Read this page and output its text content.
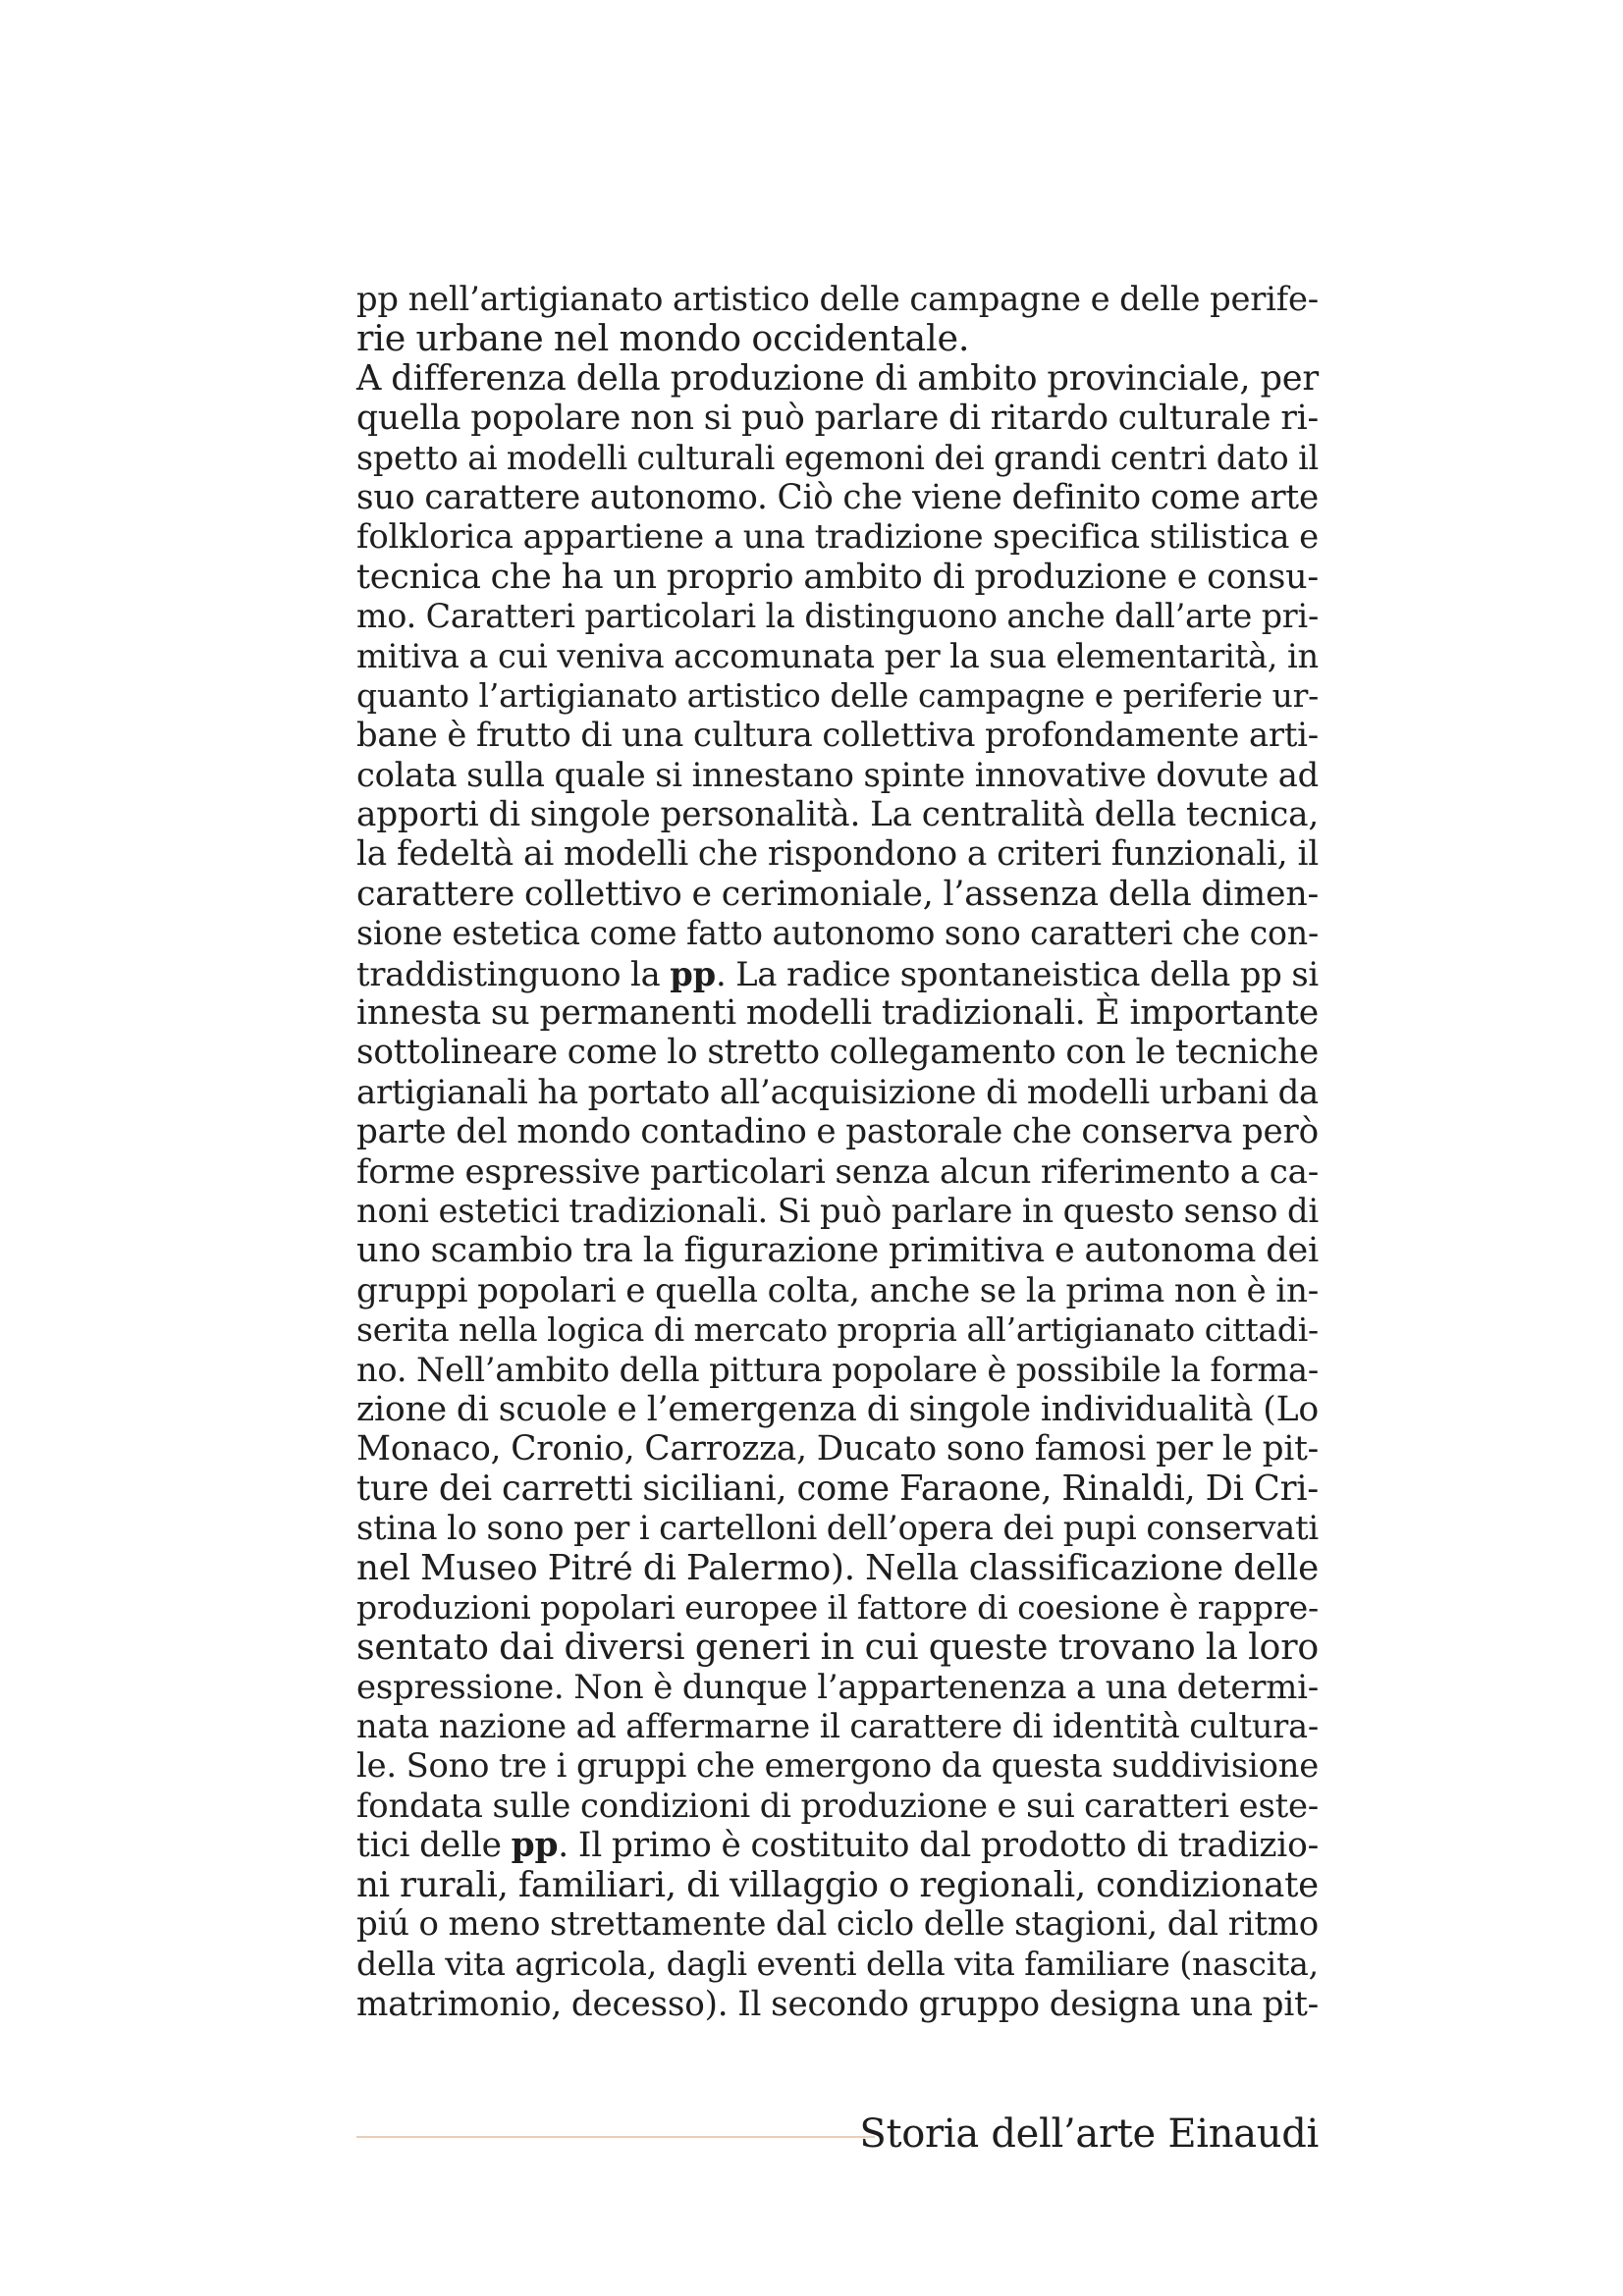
pp nell’artigianato artistico delle campagne e delle perife-
rie urbane nel mondo occidentale.
A differenza della produzione di ambito provinciale, per
quella popolare non si può parlare di ritardo culturale ri-
spetto ai modelli culturali egemoni dei grandi centri dato il
suo carattere autonomo. Ciò che viene definito come arte
folklorica appartiene a una tradizione specifica stilistica e
tecnica che ha un proprio ambito di produzione e consu-
mo. Caratteri particolari la distinguono anche dall’arte pri-
mitiva a cui veniva accomunata per la sua elementarità, in
quanto l’artigianato artistico delle campagne e periferie ur-
bane è frutto di una cultura collettiva profondamente arti-
colata sulla quale si innestano spinte innovative dovute ad
apporti di singole personalità. La centralità della tecnica,
la fedeltà ai modelli che rispondono a criteri funzionali, il
carattere collettivo e cerimoniale, l’assenza della dimen-
sione estetica come fatto autonomo sono caratteri che con-
traddistinguono la pp. La radice spontaneistica della pp si
innesta su permanenti modelli tradizionali. È importante
sottolineare come lo stretto collegamento con le tecniche
artigianali ha portato all’acquisizione di modelli urbani da
parte del mondo contadino e pastorale che conserva però
forme espressive particolari senza alcun riferimento a ca-
noni estetici tradizionali. Si può parlare in questo senso di
uno scambio tra la figurazione primitiva e autonoma dei
gruppi popolari e quella colta, anche se la prima non è in-
serita nella logica di mercato propria all’artigianato cittadi-
no. Nell’ambito della pittura popolare è possibile la forma-
zione di scuole e l’emergenza di singole individualità (Lo
Monaco, Cronio, Carrozza, Ducato sono famosi per le pit-
ture dei carretti siciliani, come Faraone, Rinaldi, Di Cri-
stina lo sono per i cartelloni dell’opera dei pupi conservati
nel Museo Pitré di Palermo). Nella classificazione delle
produzioni popolari europee il fattore di coesione è rappre-
sentato dai diversi generi in cui queste trovano la loro
espressione. Non è dunque l’appartenenza a una determi-
nata nazione ad affermarne il carattere di identità cultura-
le. Sono tre i gruppi che emergono da questa suddivisione
fondata sulle condizioni di produzione e sui caratteri este-
tici delle pp. Il primo è costituito dal prodotto di tradizio-
ni rurali, familiari, di villaggio o regionali, condizionate
piú o meno strettamente dal ciclo delle stagioni, dal ritmo
della vita agricola, dagli eventi della vita familiare (nascita,
matrimonio, decesso). Il secondo gruppo designa una pit-
Storia dell’arte Einaudi
